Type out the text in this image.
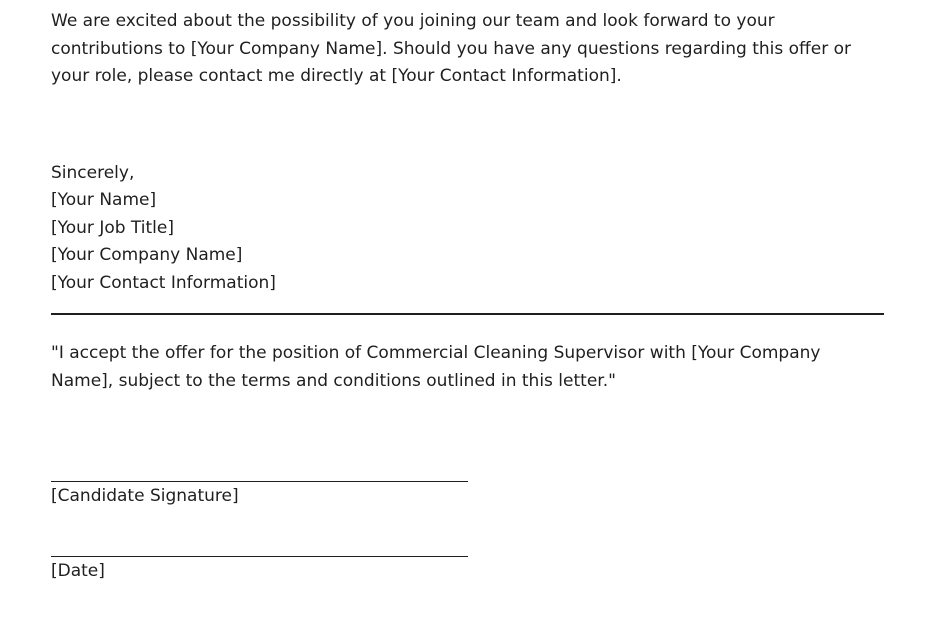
We are excited about the possibility of you joining our team and look forward to your contributions to [Your Company Name]. Should you have any questions regarding this offer or your role, please contact me directly at [Your Contact Information].

Sincerely,
[Your Name]
[Your Job Title]
[Your Company Name]
[Your Contact Information]

"I accept the offer for the position of Commercial Cleaning Supervisor with [Your Company Name], subject to the terms and conditions outlined in this letter."

[Candidate Signature]
[Date]
